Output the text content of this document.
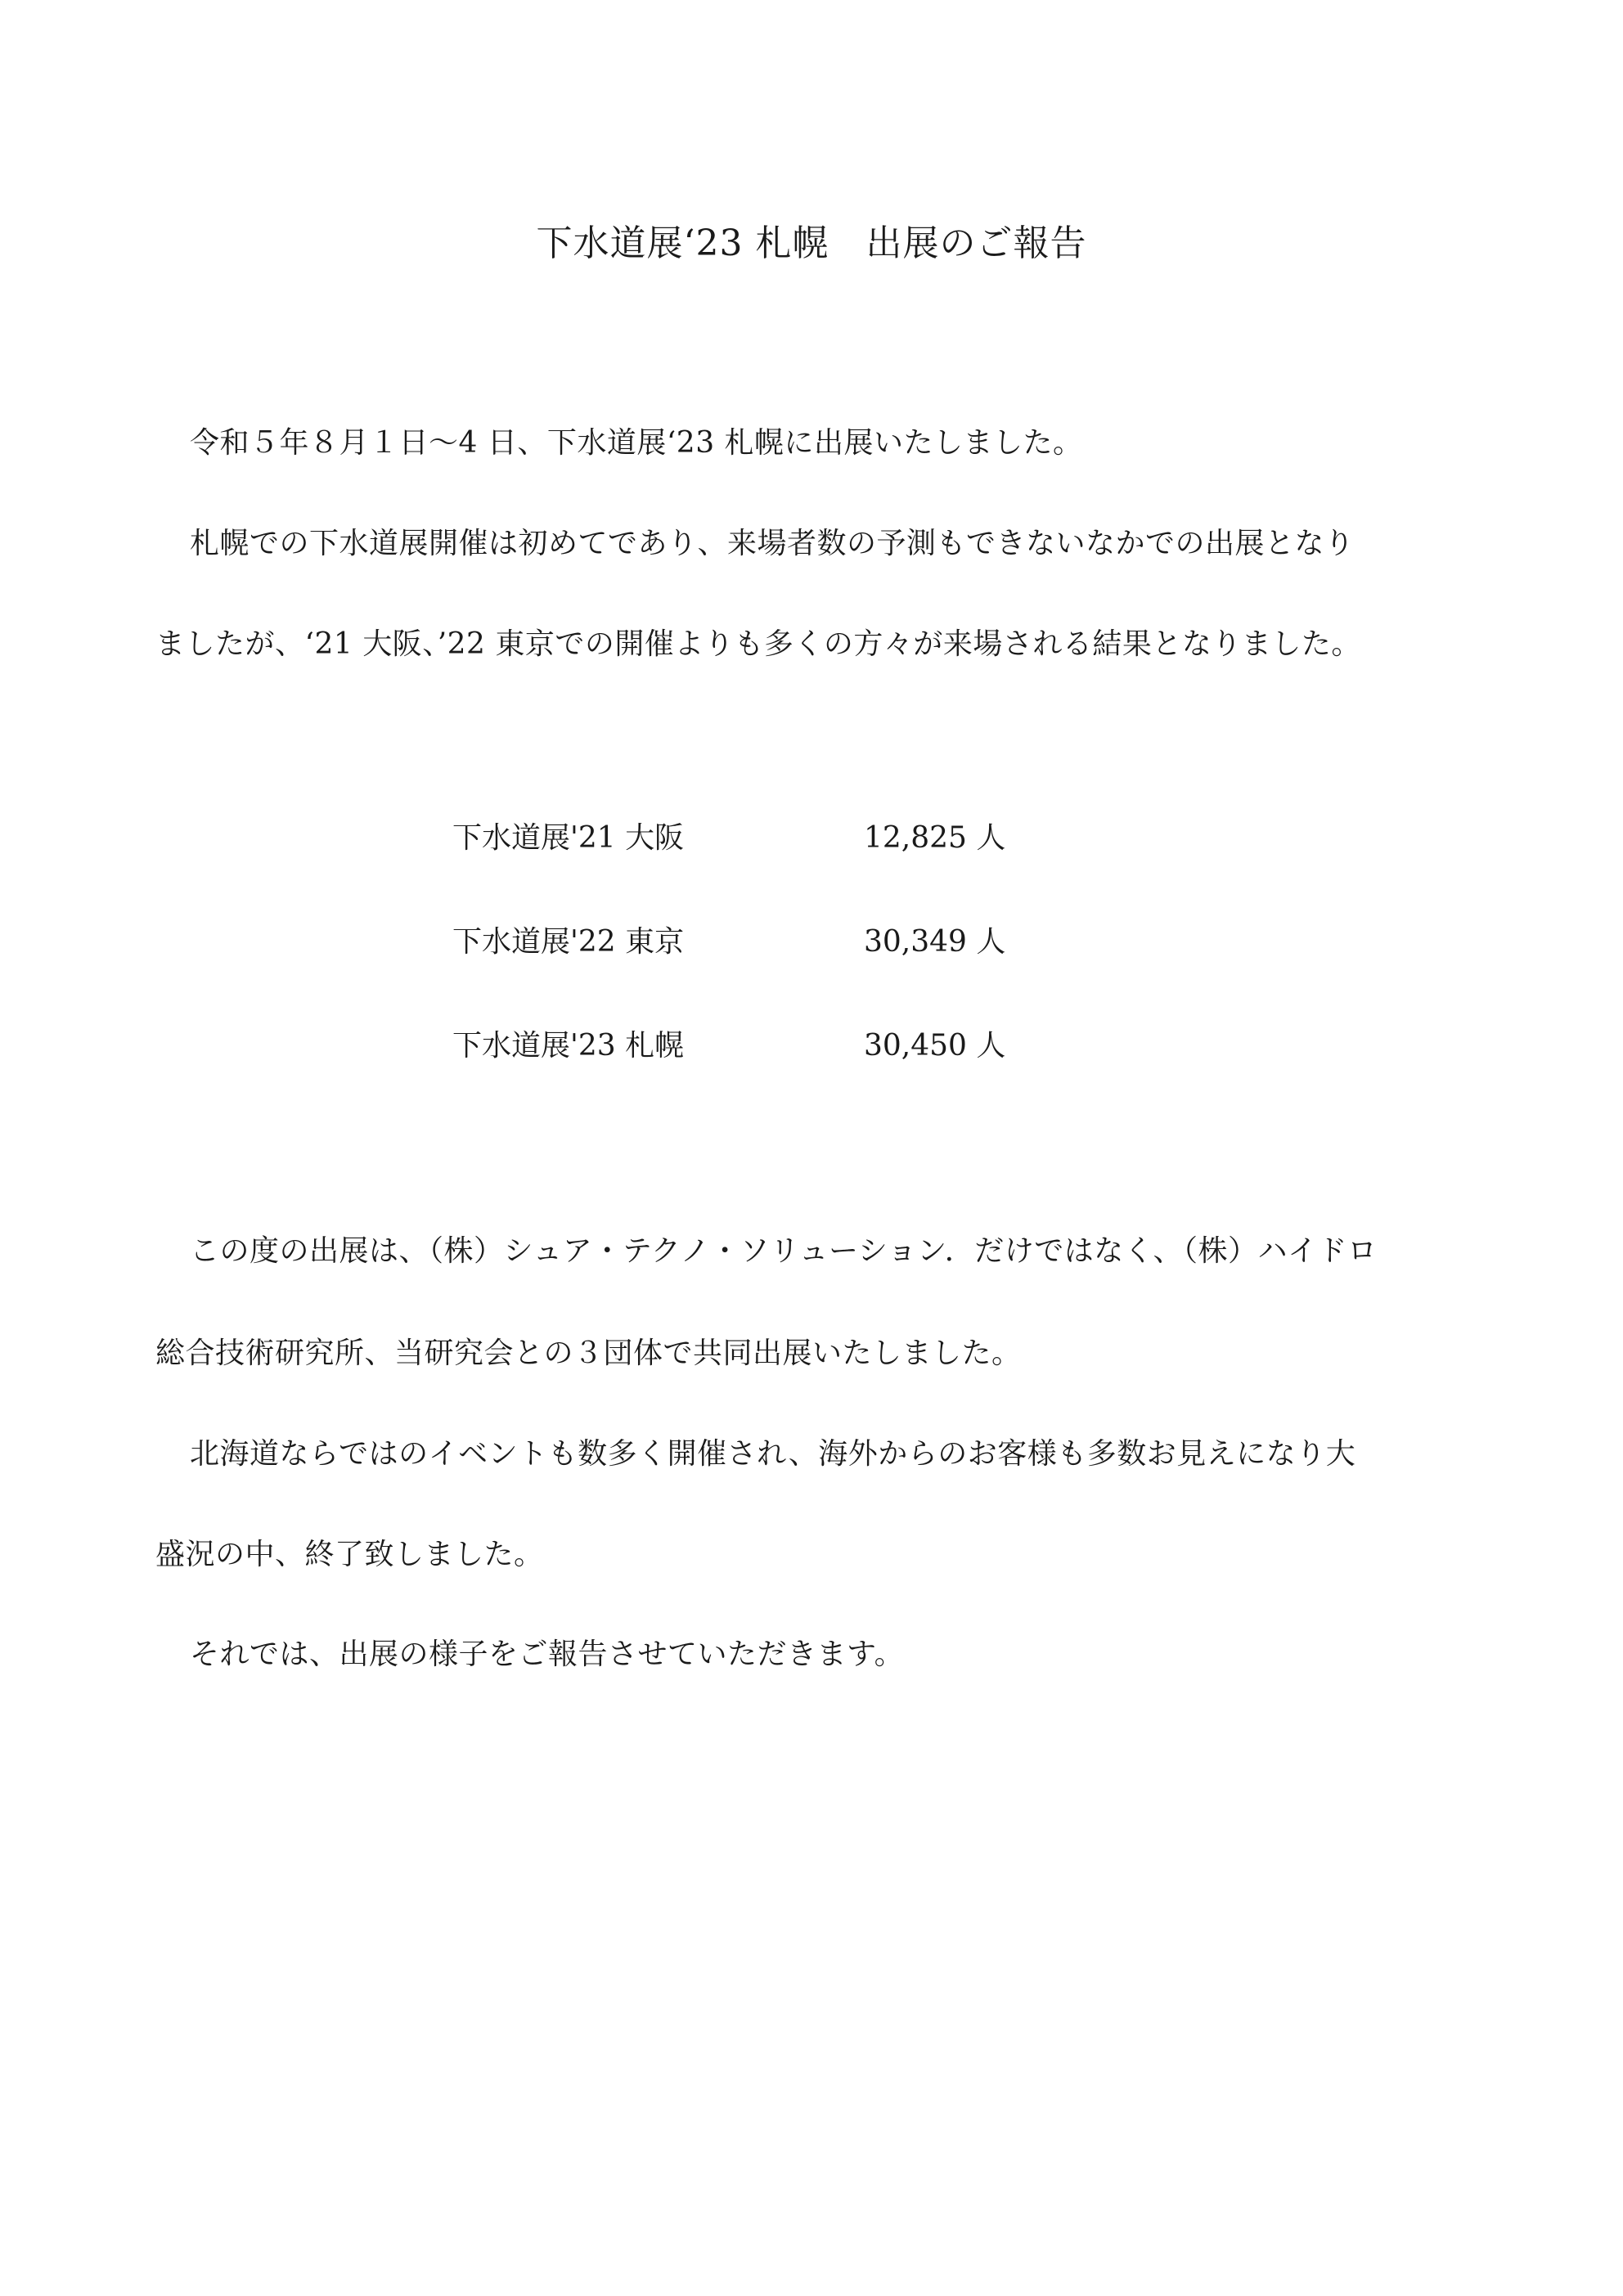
下水道展‘23 札幌　出展のご報告
令和５年８月１日〜4 日、下水道展‘23 札幌に出展いたしました。
札幌での下水道展開催は初めてであり、来場者数の予測もできないなかでの出展となり
ましたが、‘21 大阪、’22 東京での開催よりも多くの方々が来場される結果となりました。
下水道展'21 大阪	12,825 人
下水道展'22 東京	30,349 人
下水道展'23 札幌	30,450 人
この度の出展は、（株）シュア・テクノ・ソリューション．だけではなく、（株）ハイドロ
総合技術研究所、当研究会との３団体で共同出展いたしました。
北海道ならではのイベントも数多く開催され、海外からのお客様も多数お見えになり大
盛況の中、終了致しました。
それでは、出展の様子をご報告させていただきます。
